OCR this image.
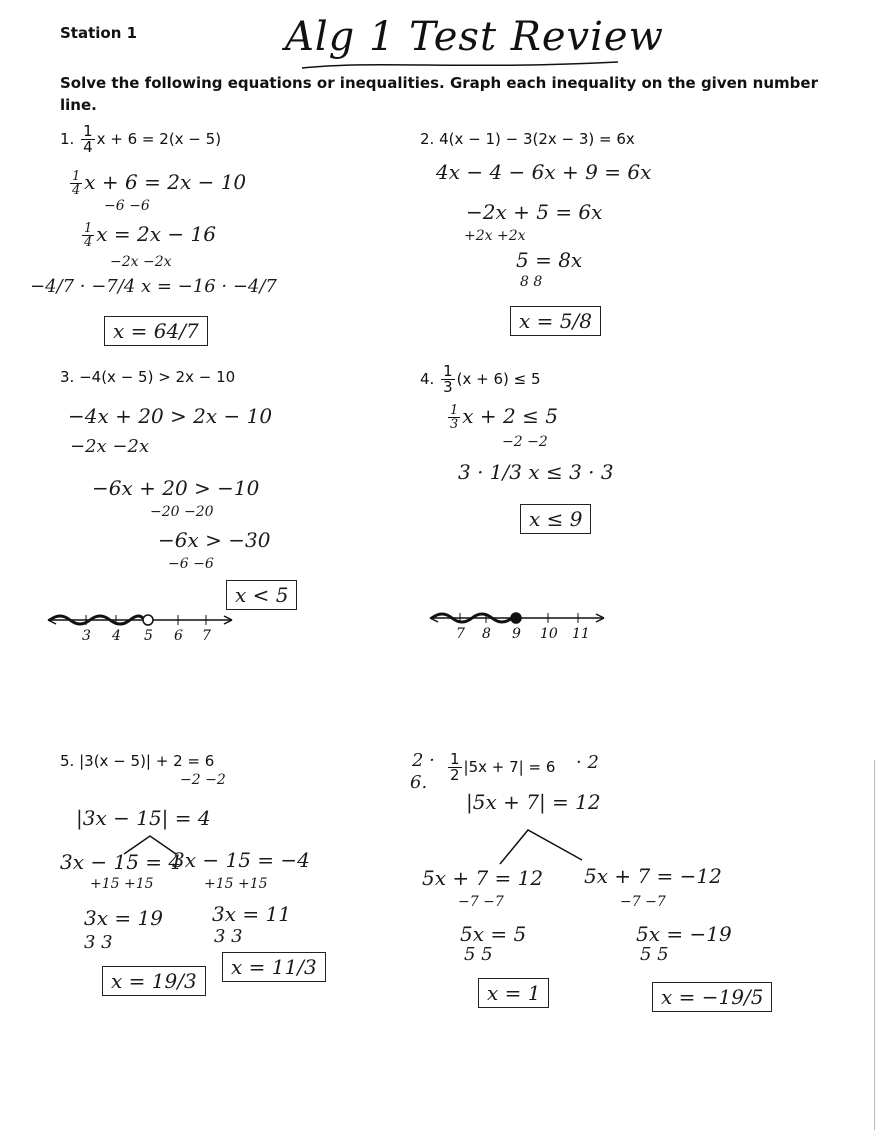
Station 1	Alg 1 Test Review
Solve the following equations or inequalities. Graph each inequality on the given number line.
1. $\frac{1}{4}$ x + 6 = 2(x − 5)
$\frac{1}{4}$ x + 6 = 2x − 10
−6 −6
$\frac{1}{4}$ x = 2x − 16
−2x −2x
−4/7 · −7/4 x = −16 · −4/7
x = 64/7
2. 4(x − 1) − 3(2x − 3) = 6x
4x − 4 − 6x + 9 = 6x
−2x + 5 = 6x
+2x +2x
5 = 8x
8 8
x = 5/8
3. −4(x − 5) > 2x − 10
−4x + 20 > 2x − 10
−2x −2x
−6x + 20 > −10
−20 −20
−6x > −30
−6 −6
x < 5
3 4 5 6 7
4. $\frac{1}{3} (x + 6) \le 5$
$\frac{1}{3}$ x + 2 ≤ 5
−2 −2
3 · 1/3 x ≤ 3 · 3
x ≤ 9
7 8 9 10 11
5. |3(x − 5)| + 2 = 6
−2 −2
|3x − 15| = 4
3x − 15 = 4
3x − 15 = −4
+15 +15	+15 +15
3x = 19
3 3
3x = 11
3 3
x = 19/3
x = 11/3
$2 \cdot \frac{1}{2} |5x + 7| = 6$
6.
· 2
|5x + 7| = 12
5x + 7 = 12 5x + 7 = −12
−7 −7	−7 −7
5x = 5
5 5
5x = −19
5 5
x = 1	x = −19/5
